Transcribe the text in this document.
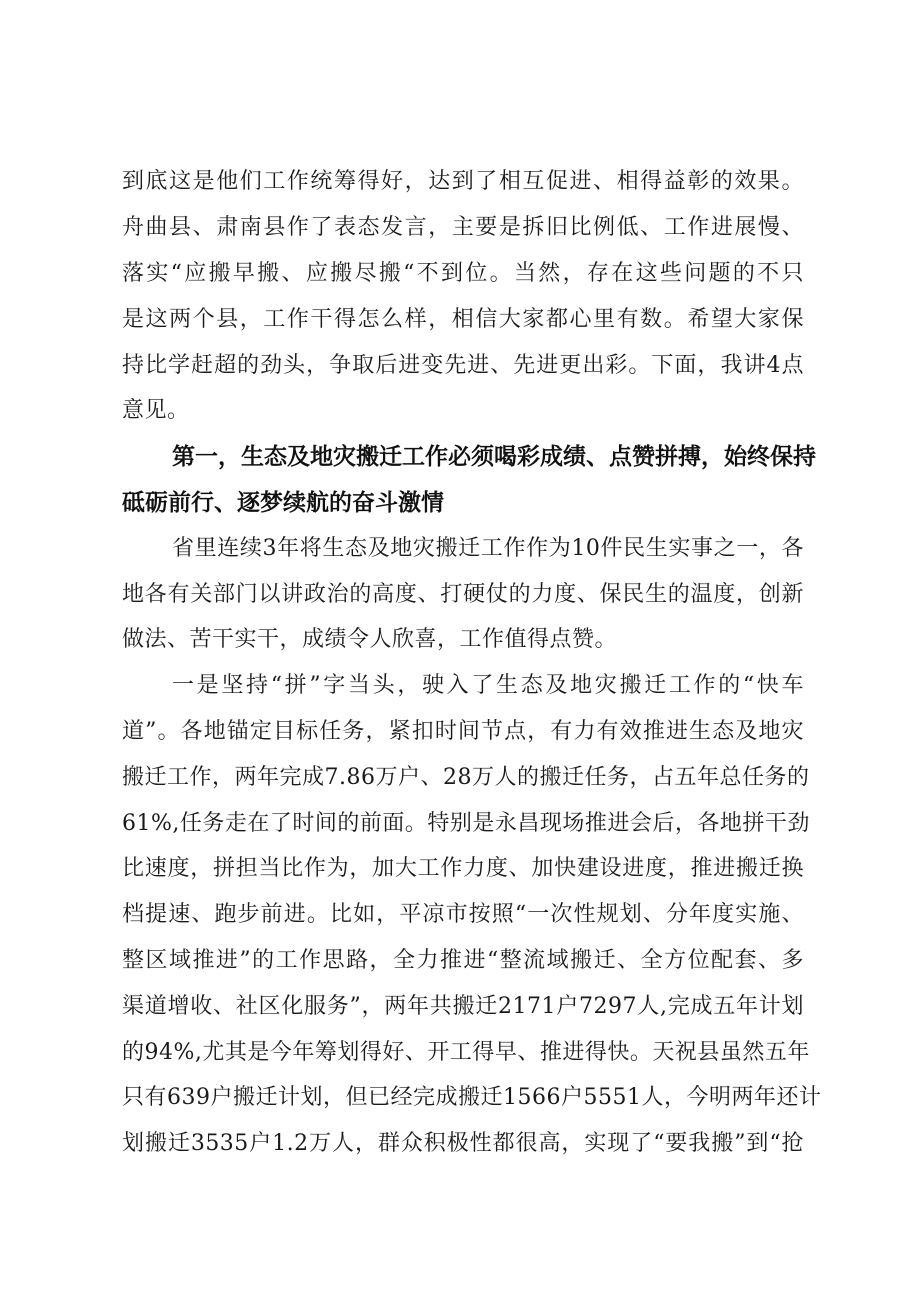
到底这是他们工作统筹得好，达到了相互促进、相得益彰的效果。
舟曲县、肃南县作了表态发言，主要是拆旧比例低、工作进展慢、
落实“应搬早搬、应搬尽搬“不到位。当然，存在这些问题的不只
是这两个县，工作干得怎么样，相信大家都心里有数。希望大家保
持比学赶超的劲头，争取后进变先进、先进更出彩。下面，我讲4点
意见。
第一，生态及地灾搬迁工作必须喝彩成绩、点赞拼搏，始终保持
砥砺前行、逐梦续航的奋斗激情
省里连续3年将生态及地灾搬迁工作作为10件民生实事之一，各
地各有关部门以讲政治的高度、打硬仗的力度、保民生的温度，创新
做法、苦干实干，成绩令人欣喜，工作值得点赞。
一是坚持“拼”字当头，驶入了生态及地灾搬迁工作的“快车
道”。各地锚定目标任务，紧扣时间节点，有力有效推进生态及地灾
搬迁工作，两年完成7.86万户、28万人的搬迁任务，占五年总任务的
61%,任务走在了时间的前面。特别是永昌现场推进会后，各地拼干劲
比速度，拼担当比作为，加大工作力度、加快建设进度，推进搬迁换
档提速、跑步前进。比如，平凉市按照“一次性规划、分年度实施、
整区域推进”的工作思路，全力推进“整流域搬迁、全方位配套、多
渠道增收、社区化服务”，两年共搬迁2171户7297人,完成五年计划
的94%,尤其是今年筹划得好、开工得早、推进得快。天祝县虽然五年
只有639户搬迁计划，但已经完成搬迁1566户5551人，今明两年还计
划搬迁3535户1.2万人，群众积极性都很高，实现了“要我搬”到“抢
